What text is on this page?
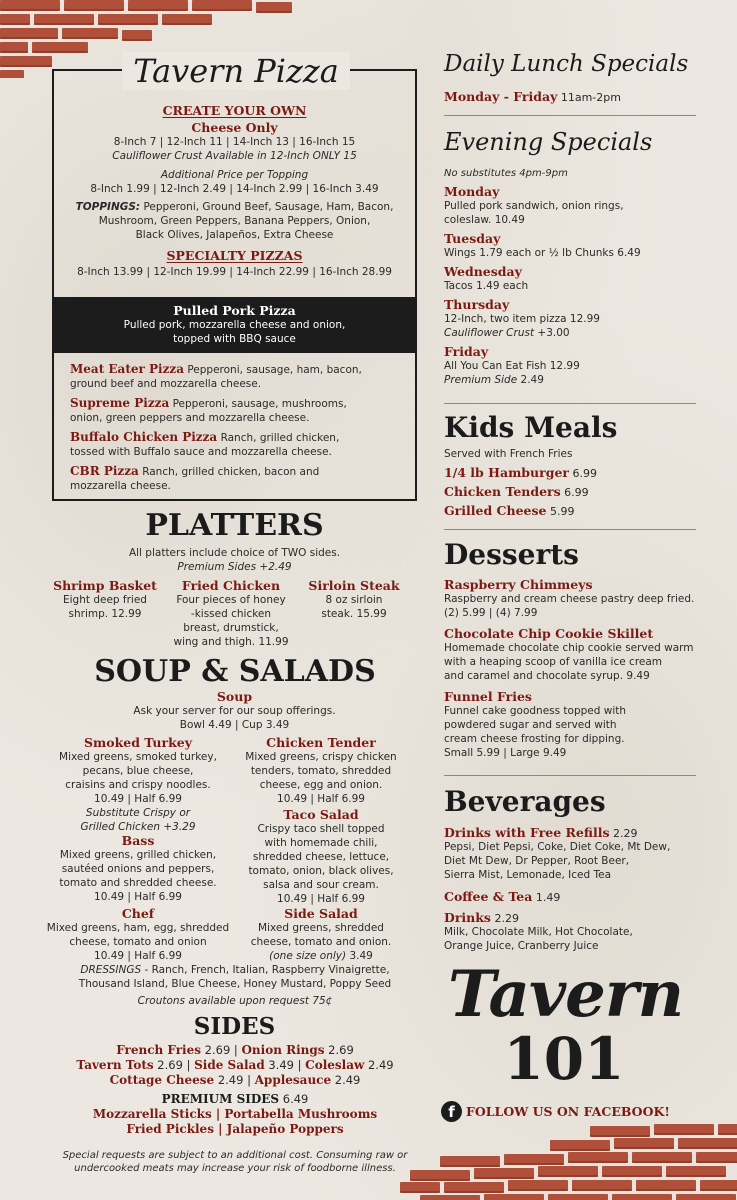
Tavern Pizza
CREATE YOUR OWN
Cheese Only
8-Inch 7 | 12-Inch 11 | 14-Inch 13 | 16-Inch 15
Cauliflower Crust Available in 12-Inch ONLY 15
Additional Price per Topping
8-Inch 1.99 | 12-Inch 2.49 | 14-Inch 2.99 | 16-Inch 3.49
TOPPINGS: Pepperoni, Ground Beef, Sausage, Ham, Bacon,
Mushroom, Green Peppers, Banana Peppers, Onion,
Black Olives, Jalapeños, Extra Cheese
SPECIALTY PIZZAS
8-Inch 13.99 | 12-Inch 19.99 | 14-Inch 22.99 | 16-Inch 28.99
Pulled Pork Pizza
Pulled pork, mozzarella cheese and onion,
topped with BBQ sauce
Meat Eater Pizza Pepperoni, sausage, ham, bacon,
ground beef and mozzarella cheese.
Supreme Pizza Pepperoni, sausage, mushrooms,
onion, green peppers and mozzarella cheese.
Buffalo Chicken Pizza Ranch, grilled chicken,
tossed with Buffalo sauce and mozzarella cheese.
CBR Pizza Ranch, grilled chicken, bacon and
mozzarella cheese.
PLATTERS
All platters include choice of TWO sides.
Premium Sides +2.49
Shrimp Basket
Eight deep fried
shrimp. 12.99
Fried Chicken
Four pieces of honey
-kissed chicken
breast, drumstick,
wing and thigh. 11.99
Sirloin Steak
8 oz sirloin
steak. 15.99
SOUP & SALADS
Soup
Ask your server for our soup offerings.
Bowl 4.49 | Cup 3.49
Smoked Turkey
Mixed greens, smoked turkey,
pecans, blue cheese,
craisins and crispy noodles.
10.49 | Half 6.99
Substitute Crispy or
Grilled Chicken +3.29
Chicken Tender
Mixed greens, crispy chicken
tenders, tomato, shredded
cheese, egg and onion.
10.49 | Half 6.99
Bass
Mixed greens, grilled chicken,
sautéed onions and peppers,
tomato and shredded cheese.
10.49 | Half 6.99
Taco Salad
Crispy taco shell topped
with homemade chili,
shredded cheese, lettuce,
tomato, onion, black olives,
salsa and sour cream.
10.49 | Half 6.99
Chef
Mixed greens, ham, egg, shredded
cheese, tomato and onion
10.49 | Half 6.99
Side Salad
Mixed greens, shredded
cheese, tomato and onion.
(one size only) 3.49
DRESSINGS - Ranch, French, Italian, Raspberry Vinaigrette,
Thousand Island, Blue Cheese, Honey Mustard, Poppy Seed
Croutons available upon request 75¢
SIDES
French Fries 2.69 | Onion Rings 2.69
Tavern Tots 2.69 | Side Salad 3.49 | Coleslaw 2.49
Cottage Cheese 2.49 | Applesauce 2.49
PREMIUM SIDES 6.49
Mozzarella Sticks | Portabella Mushrooms
Fried Pickles | Jalapeño Poppers
Special requests are subject to an additional cost. Consuming raw or
undercooked meats may increase your risk of foodborne illness.
Daily Lunch Specials
Monday - Friday 11am-2pm
Evening Specials
No substitutes 4pm-9pm
Monday
Pulled pork sandwich, onion rings,
coleslaw. 10.49
Tuesday
Wings 1.79 each or ½ lb Chunks 6.49
Wednesday
Tacos 1.49 each
Thursday
12-Inch, two item pizza 12.99
Cauliflower Crust +3.00
Friday
All You Can Eat Fish 12.99
Premium Side 2.49
Kids Meals
Served with French Fries
1/4 lb Hamburger 6.99
Chicken Tenders 6.99
Grilled Cheese 5.99
Desserts
Raspberry Chimmeys
Raspberry and cream cheese pastry deep fried.
(2) 5.99 | (4) 7.99
Chocolate Chip Cookie Skillet
Homemade chocolate chip cookie served warm
with a heaping scoop of vanilla ice cream
and caramel and chocolate syrup. 9.49
Funnel Fries
Funnel cake goodness topped with
powdered sugar and served with
cream cheese frosting for dipping.
Small 5.99 | Large 9.49
Beverages
Drinks with Free Refills 2.29
Pepsi, Diet Pepsi, Coke, Diet Coke, Mt Dew,
Diet Mt Dew, Dr Pepper, Root Beer,
Sierra Mist, Lemonade, Iced Tea
Coffee & Tea 1.49
Drinks 2.29
Milk, Chocolate Milk, Hot Chocolate,
Orange Juice, Cranberry Juice
Tavern
101
f FOLLOW US ON FACEBOOK!
